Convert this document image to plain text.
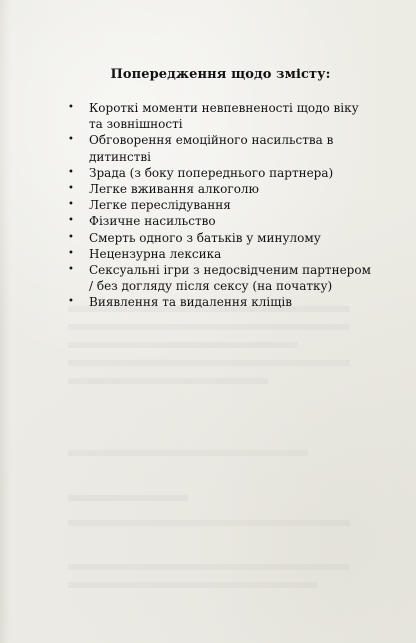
Попередження щодо змісту:
• Короткі моменти невпевненості щодо віку та зовнішності
• Обговорення емоційного насильства в дитинстві
• Зрада (з боку попереднього партнера)
• Легке вживання алкоголю
• Легке переслідування
• Фізичне насильство
• Смерть одного з батьків у минулому
• Нецензурна лексика
• Сексуальні ігри з недосвідченим партнером / без догляду після сексу (на початку)
• Виявлення та видалення кліщів
